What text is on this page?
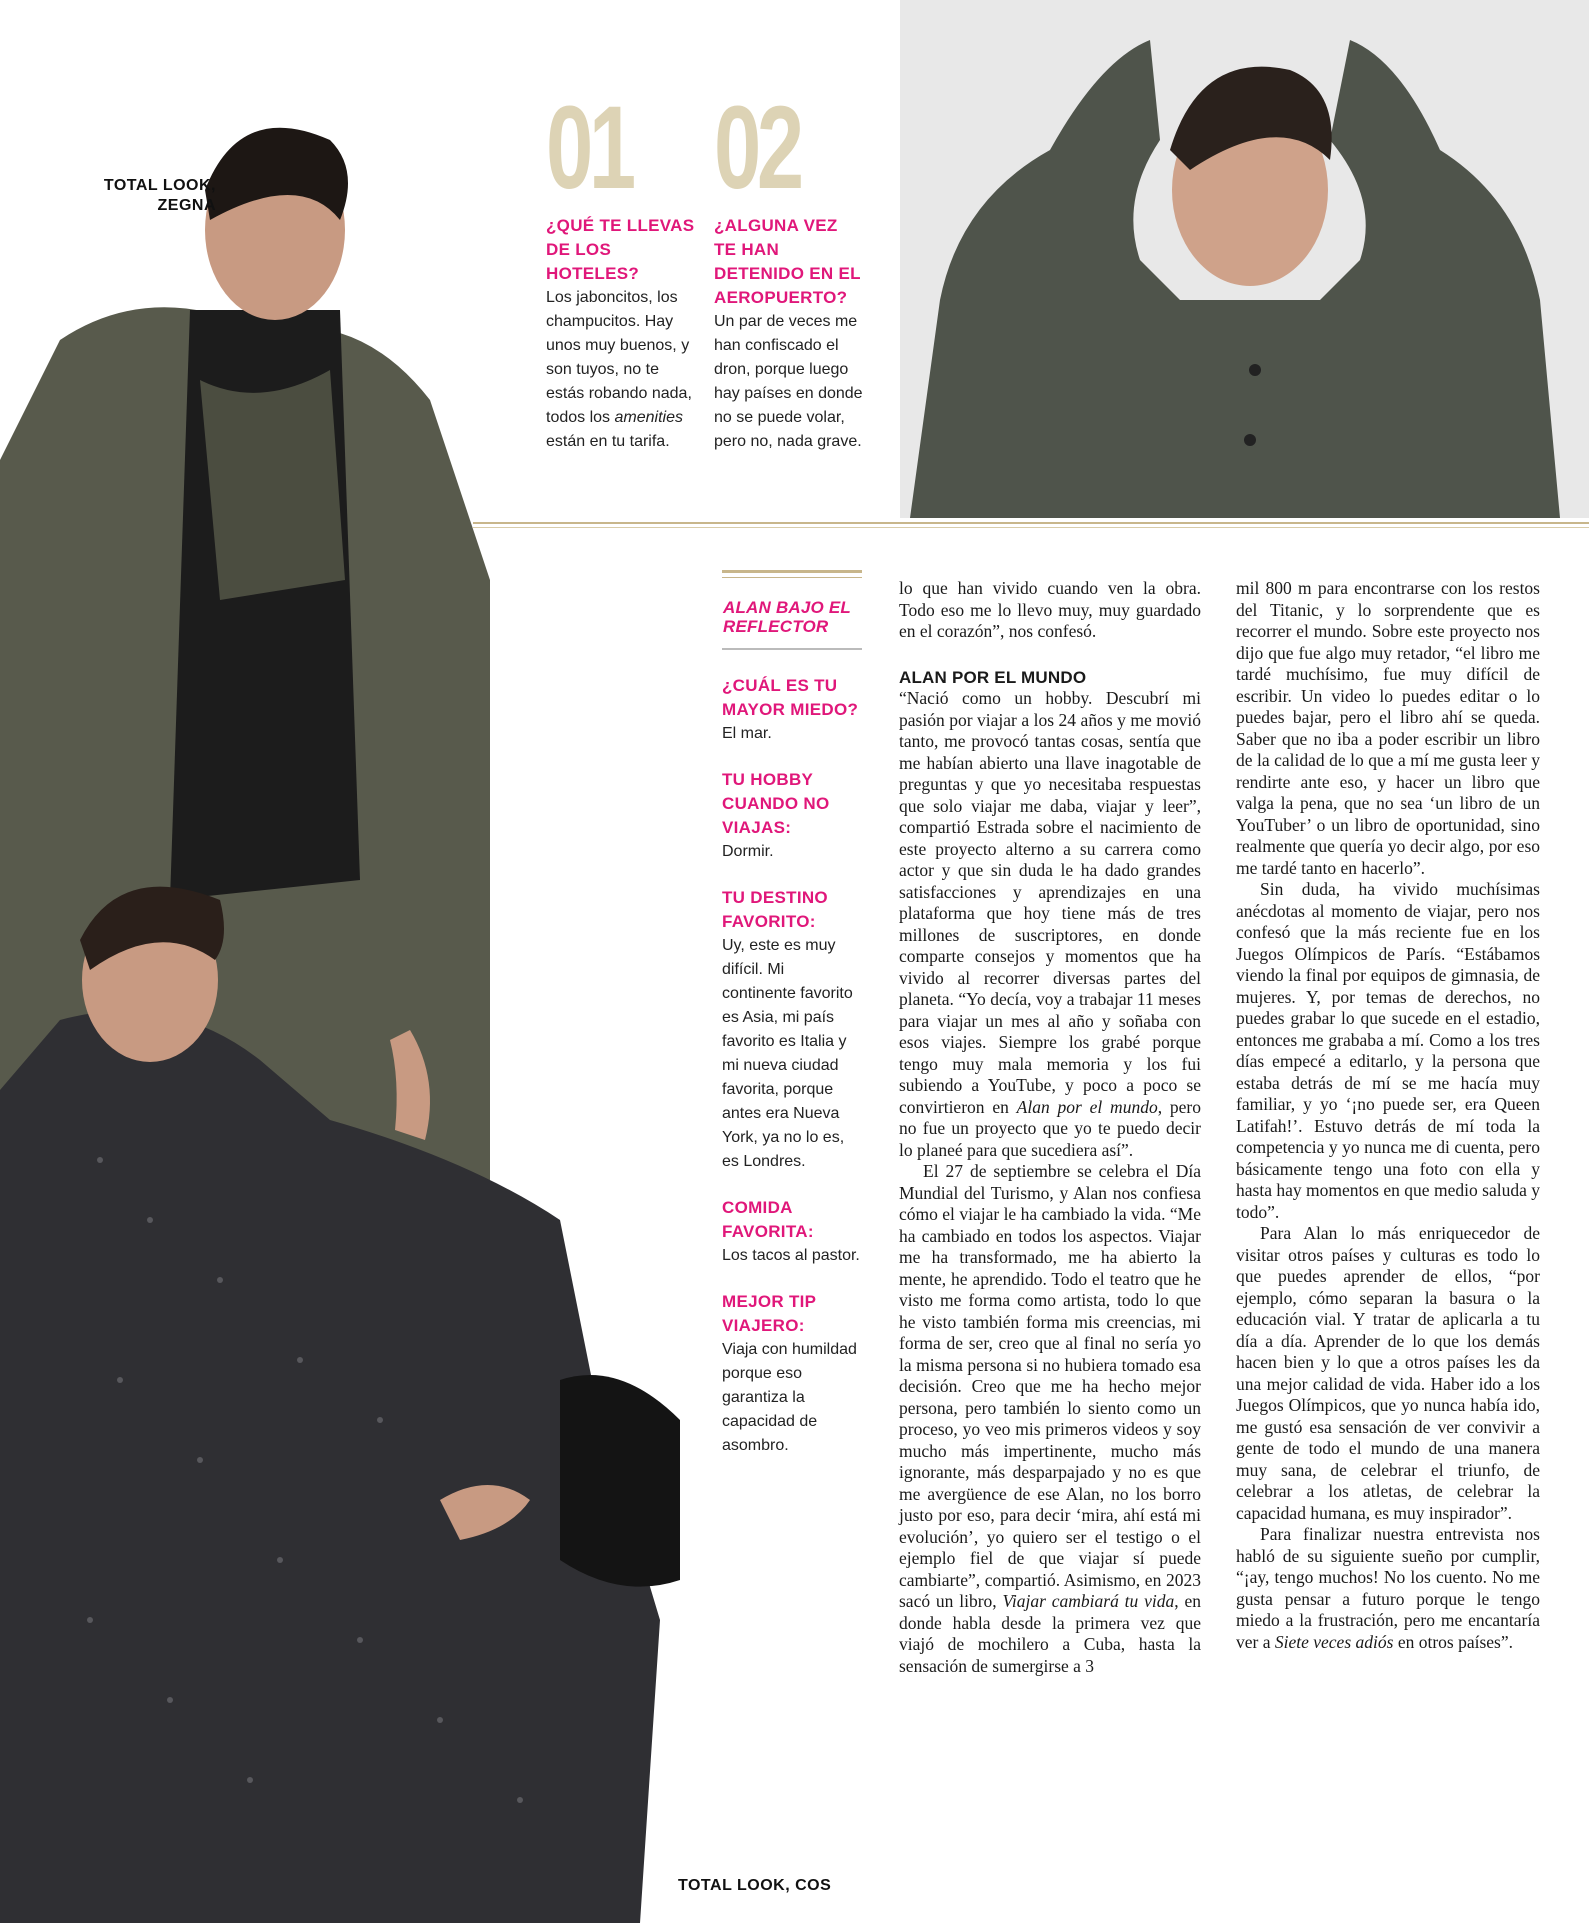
TOTAL LOOK,
ZEGNA
TOTAL LOOK, COS
01 02
¿QUÉ TE LLEVAS DE LOS HOTELES?
Los jaboncitos, los champucitos. Hay unos muy buenos, y son tuyos, no te estás robando nada, todos los amenities están en tu tarifa.
¿ALGUNA VEZ TE HAN DETENIDO EN EL AEROPUERTO?
Un par de veces me han confiscado el dron, porque luego hay países en donde no se puede volar, pero no, nada grave.
ALAN BAJO EL REFLECTOR
¿CUÁL ES TU MAYOR MIEDO? El mar.
TU HOBBY CUANDO NO VIAJAS:
Dormir.
TU DESTINO FAVORITO:
Uy, este es muy difícil. Mi continente favorito es Asia, mi país favorito es Italia y mi nueva ciudad favorita, porque antes era Nueva York, ya no lo es, es Londres.
COMIDA FAVORITA:
Los tacos al pastor.
MEJOR TIP VIAJERO:
Viaja con humildad porque eso garantiza la capacidad de asombro.

lo que han vivido cuando ven la obra. Todo eso me lo llevo muy, muy guardado en el corazón”, nos confesó.

ALAN POR EL MUNDO

“Nació como un hobby. Descubrí mi pasión por viajar a los 24 años y me movió tanto, me provocó tantas cosas, sentía que me habían abierto una llave inagotable de preguntas y que yo necesitaba respuestas que solo viajar me daba, viajar y leer”, compartió Estrada sobre el nacimiento de este proyecto alterno a su carrera como actor y que sin duda le ha dado grandes satisfacciones y aprendizajes en una plataforma que hoy tiene más de tres millones de suscriptores, en donde comparte consejos y momentos que ha vivido al recorrer diversas partes del planeta. “Yo decía, voy a trabajar 11 meses para viajar un mes al año y soñaba con esos viajes. Siempre los grabé porque tengo muy mala memoria y los fui subiendo a YouTube, y poco a poco se convirtieron en Alan por el mundo, pero no fue un proyecto que yo te puedo decir lo planeé para que sucediera así”.

El 27 de septiembre se celebra el Día Mundial del Turismo, y Alan nos confiesa cómo el viajar le ha cambiado la vida. “Me ha cambiado en todos los aspectos. Viajar me ha transformado, me ha abierto la mente, he aprendido. Todo el teatro que he visto me forma como artista, todo lo que he visto también forma mis creencias, mi forma de ser, creo que al final no sería yo la misma persona si no hubiera tomado esa decisión. Creo que me ha hecho mejor persona, pero también lo siento como un proceso, yo veo mis primeros videos y soy mucho más impertinente, mucho más ignorante, más desparpajado y no es que me avergüence de ese Alan, no los borro justo por eso, para decir ‘mira, ahí está mi evolución’, yo quiero ser el testigo o el ejemplo fiel de que viajar sí puede cambiarte”, compartió. Asimismo, en 2023 sacó un libro, Viajar cambiará tu vida, en donde habla desde la primera vez que viajó de mochilero a Cuba, hasta la sensación de sumergirse a 3

mil 800 m para encontrarse con los restos del Titanic, y lo sorprendente que es recorrer el mundo. Sobre este proyecto nos dijo que fue algo muy retador, “el libro me tardé muchísimo, fue muy difícil de escribir. Un video lo puedes editar o lo puedes bajar, pero el libro ahí se queda. Saber que no iba a poder escribir un libro de la calidad de lo que a mí me gusta leer y rendirte ante eso, y hacer un libro que valga la pena, que no sea ‘un libro de un YouTuber’ o un libro de oportunidad, sino realmente que quería yo decir algo, por eso me tardé tanto en hacerlo”.

Sin duda, ha vivido muchísimas anécdotas al momento de viajar, pero nos confesó que la más reciente fue en los Juegos Olímpicos de París. “Estábamos viendo la final por equipos de gimnasia, de mujeres. Y, por temas de derechos, no puedes grabar lo que sucede en el estadio, entonces me grababa a mí. Como a los tres días empecé a editarlo, y la persona que estaba detrás de mí se me hacía muy familiar, y yo ‘¡no puede ser, era Queen Latifah!’. Estuvo detrás de mí toda la competencia y yo nunca me di cuenta, pero básicamente tengo una foto con ella y hasta hay momentos en que medio saluda y todo”.

Para Alan lo más enriquecedor de visitar otros países y culturas es todo lo que puedes aprender de ellos, “por ejemplo, cómo separan la basura o la educación vial. Y tratar de aplicarla a tu día a día. Aprender de lo que los demás hacen bien y lo que a otros países les da una mejor calidad de vida. Haber ido a los Juegos Olímpicos, que yo nunca había ido, me gustó esa sensación de ver convivir a gente de todo el mundo de una manera muy sana, de celebrar el triunfo, de celebrar a los atletas, de celebrar la capacidad humana, es muy inspirador”.

Para finalizar nuestra entrevista nos habló de su siguiente sueño por cumplir, “¡ay, tengo muchos! No los cuento. No me gusta pensar a futuro porque le tengo miedo a la frustración, pero me encantaría ver a Siete veces adiós en otros países”.
